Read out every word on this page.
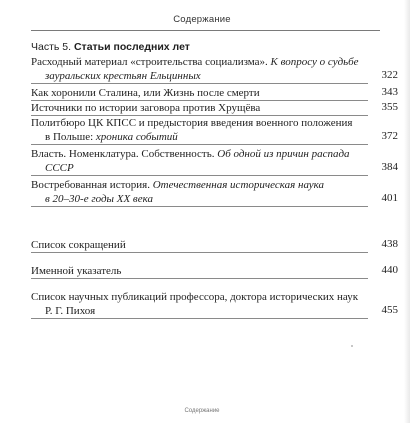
Содержание
Часть 5. Статьи последних лет
Расходный материал «строительства социализма». К вопросу о судьбе
зауральских крестьян Ельцинных	322
Как хоронили Сталина, или Жизнь после смерти	343
Источники по истории заговора против Хрущёва	355
Политбюро ЦК КПСС и предыстория введения военного положения
в Польше: хроника событий	372
Власть. Номенклатура. Собственность. Об одной из причин распада
СССР	384
Востребованная история. Отечественная историческая наука
в 20–30-е годы XX века	401
Список сокращений	438
Именной указатель	440
Список научных публикаций профессора, доктора исторических наук
Р. Г. Пихоя	455
Содержание
